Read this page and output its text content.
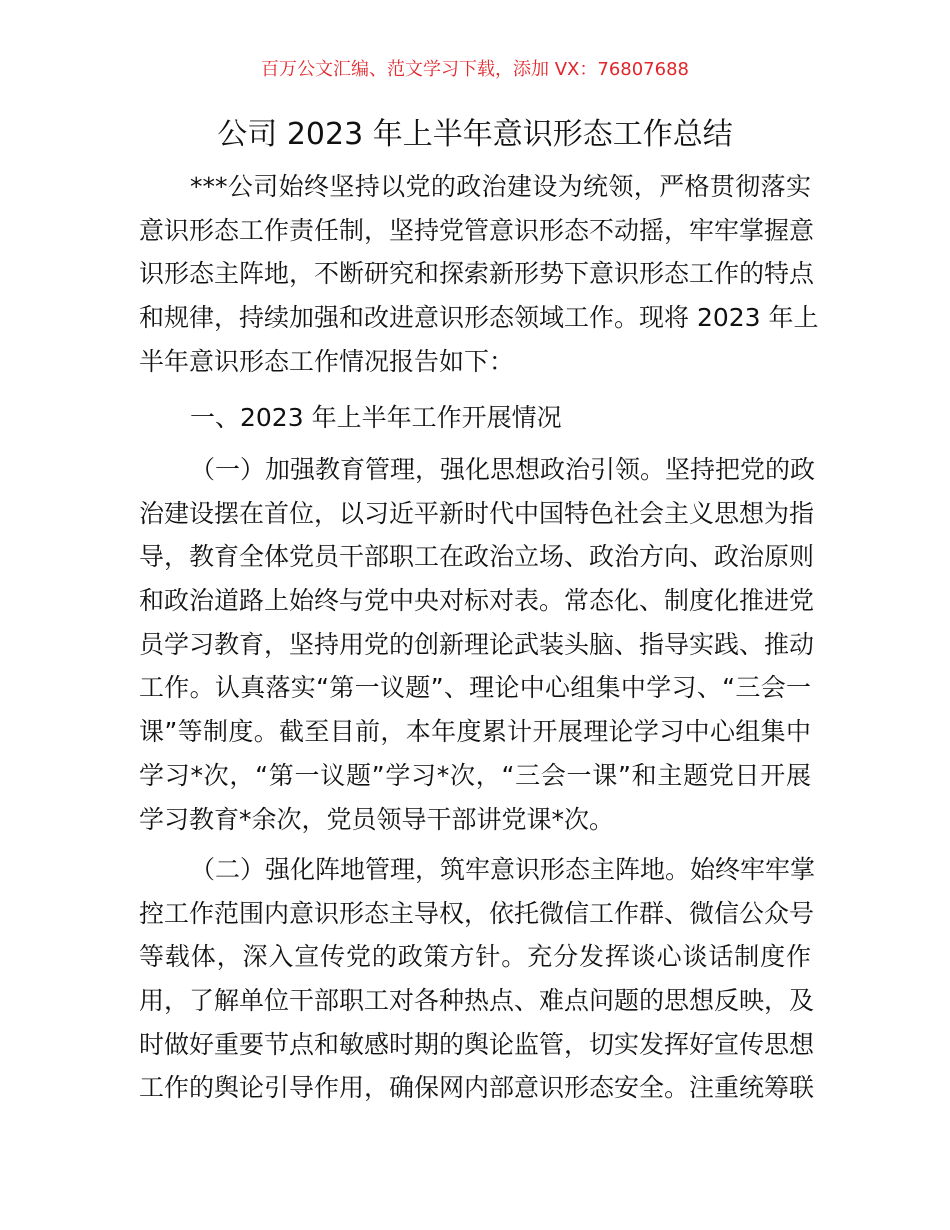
百万公文汇编、范文学习下载，添加 VX：76807688
公司 2023 年上半年意识形态工作总结
***公司始终坚持以党的政治建设为统领，严格贯彻落实
意识形态工作责任制，坚持党管意识形态不动摇，牢牢掌握意
识形态主阵地，不断研究和探索新形势下意识形态工作的特点
和规律，持续加强和改进意识形态领域工作。现将 2023 年上
半年意识形态工作情况报告如下：
一、2023 年上半年工作开展情况
（一）加强教育管理，强化思想政治引领。坚持把党的政
治建设摆在首位，以习近平新时代中国特色社会主义思想为指
导，教育全体党员干部职工在政治立场、政治方向、政治原则
和政治道路上始终与党中央对标对表。常态化、制度化推进党
员学习教育，坚持用党的创新理论武装头脑、指导实践、推动
工作。认真落实“第一议题”、理论中心组集中学习、“三会一
课”等制度。截至目前，本年度累计开展理论学习中心组集中
学习*次，“第一议题”学习*次，“三会一课”和主题党日开展
学习教育*余次，党员领导干部讲党课*次。
（二）强化阵地管理，筑牢意识形态主阵地。始终牢牢掌
控工作范围内意识形态主导权，依托微信工作群、微信公众号
等载体，深入宣传党的政策方针。充分发挥谈心谈话制度作
用，了解单位干部职工对各种热点、难点问题的思想反映，及
时做好重要节点和敏感时期的舆论监管，切实发挥好宣传思想
工作的舆论引导作用，确保网内部意识形态安全。注重统筹联
